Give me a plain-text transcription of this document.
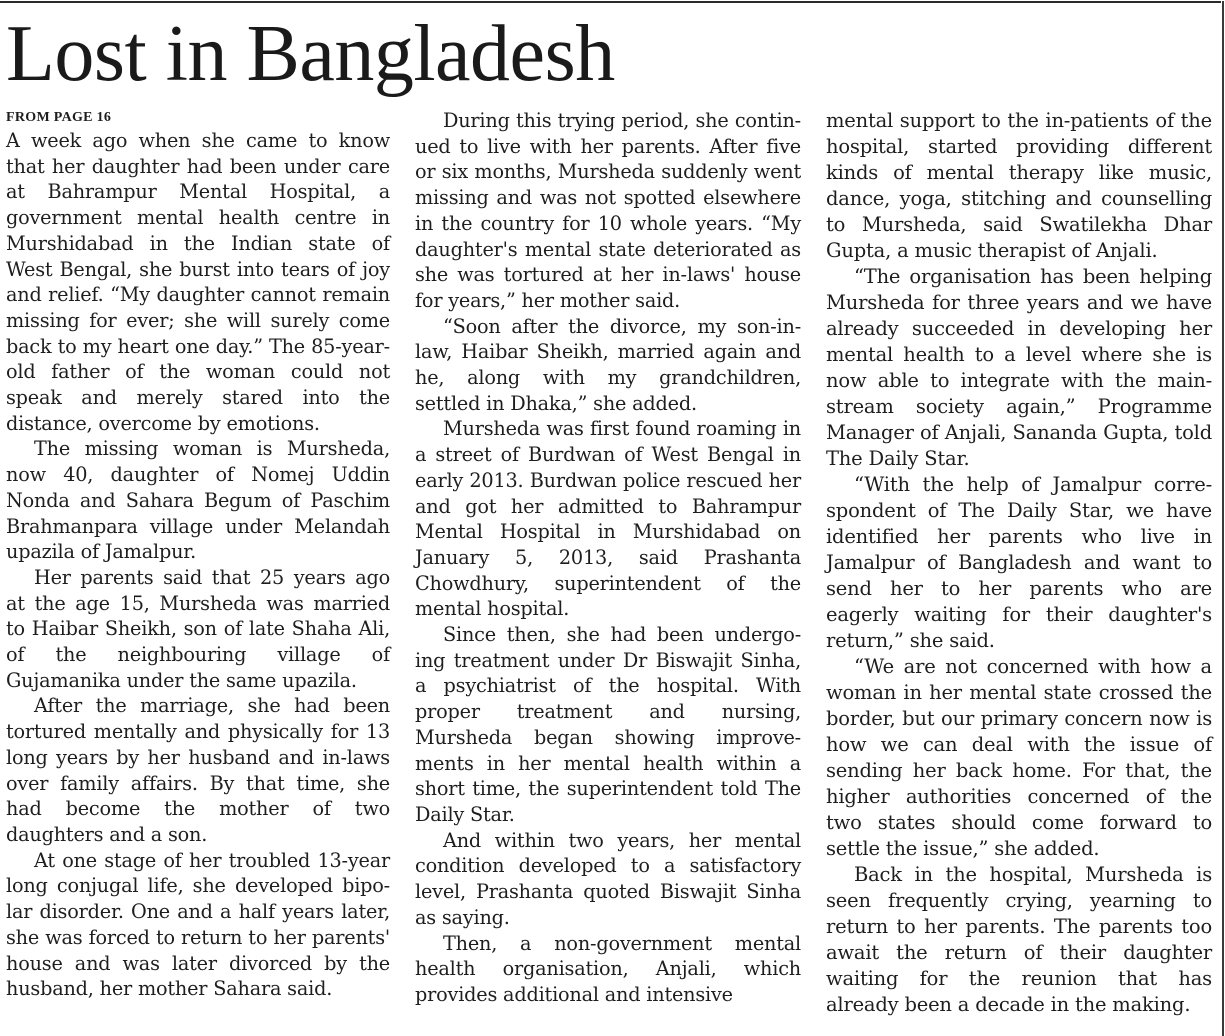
Lost in Bangladesh
FROM PAGE 16

A week ago when she came to know that her daughter had been under care at Bahrampur Mental Hospital, a government mental health centre in Murshidabad in the Indian state of West Bengal, she burst into tears of joy and relief. “My daughter cannot remain missing for ever; she will surely come back to my heart one day.” The 85-year-old father of the woman could not speak and merely stared into the distance, overcome by emotions.

The missing woman is Mursheda, now 40, daughter of Nomej Uddin Nonda and Sahara Begum of Paschim Brahmanpara village under Melandah upazila of Jamalpur.

Her parents said that 25 years ago at the age 15, Mursheda was married to Haibar Sheikh, son of late Shaha Ali, of the neighbouring village of Gujamanika under the same upazila.

After the marriage, she had been tortured mentally and physically for 13 long years by her husband and in-laws over family affairs. By that time, she had become the mother of two daughters and a son.

At one stage of her troubled 13-year long conjugal life, she developed bipo-lar disorder. One and a half years later, she was forced to return to her parents' house and was later divorced by the husband, her mother Sahara said.

During this trying period, she contin-ued to live with her parents. After five or six months, Mursheda suddenly went missing and was not spotted elsewhere in the country for 10 whole years. “My daughter's mental state deteriorated as she was tortured at her in-laws' house for years,” her mother said.

“Soon after the divorce, my son-in-law, Haibar Sheikh, married again and he, along with my grandchildren, settled in Dhaka,” she added.

Mursheda was first found roaming in a street of Burdwan of West Bengal in early 2013. Burdwan police rescued her and got her admitted to Bahrampur Mental Hospital in Murshidabad on January 5, 2013, said Prashanta Chowdhury, superintendent of the mental hospital.

Since then, she had been undergo-ing treatment under Dr Biswajit Sinha, a psychiatrist of the hospital. With proper treatment and nursing, Mursheda began showing improve-ments in her mental health within a short time, the superintendent told The Daily Star.

And within two years, her mental condition developed to a satisfactory level, Prashanta quoted Biswajit Sinha as saying.

Then, a non-government mental health organisation, Anjali, which provides additional and intensive

mental support to the in-patients of the hospital, started providing different kinds of mental therapy like music, dance, yoga, stitching and counselling to Mursheda, said Swatilekha Dhar Gupta, a music therapist of Anjali.

“The organisation has been helping Mursheda for three years and we have already succeeded in developing her mental health to a level where she is now able to integrate with the main-stream society again,” Programme Manager of Anjali, Sananda Gupta, told The Daily Star.

“With the help of Jamalpur corre-spondent of The Daily Star, we have identified her parents who live in Jamalpur of Bangladesh and want to send her to her parents who are eagerly waiting for their daughter's return,” she said.

“We are not concerned with how a woman in her mental state crossed the border, but our primary concern now is how we can deal with the issue of sending her back home. For that, the higher authorities concerned of the two states should come forward to settle the issue,” she added.

Back in the hospital, Mursheda is seen frequently crying, yearning to return to her parents. The parents too await the return of their daughter waiting for the reunion that has already been a decade in the making.
